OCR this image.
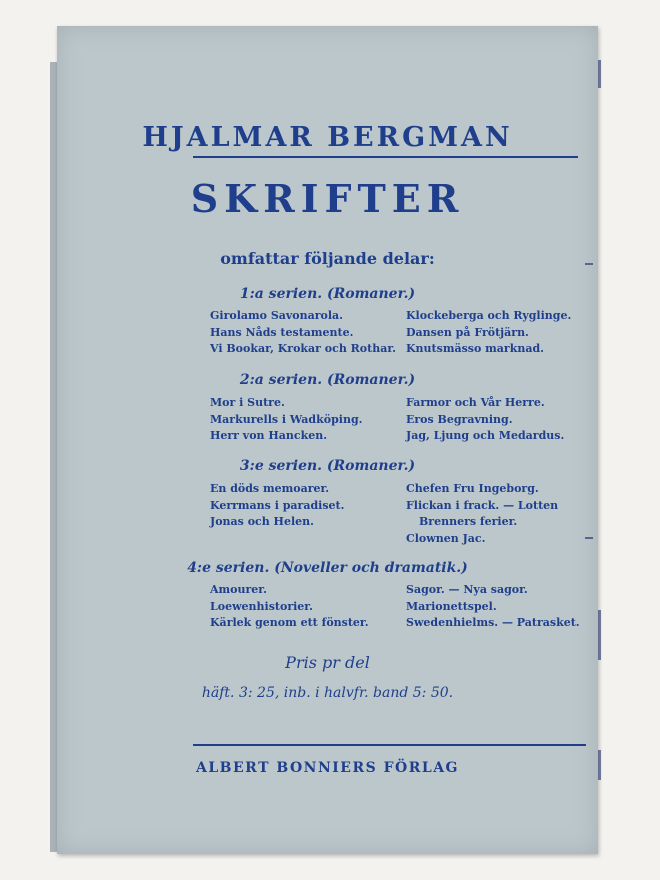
HJALMAR BERGMAN
SKRIFTER
omfattar följande delar:
1:a serien. (Romaner.)
Girolamo Savonarola.
Hans Nåds testamente.
Vi Bookar, Krokar och Rothar.
Klockeberga och Ryglinge.
Dansen på Frötjärn.
Knutsmässo marknad.
2:a serien. (Romaner.)
Mor i Sutre.
Markurells i Wadköping.
Herr von Hancken.
Farmor och Vår Herre.
Eros Begravning.
Jag, Ljung och Medardus.
3:e serien. (Romaner.)
En döds memoarer.
Kerrmans i paradiset.
Jonas och Helen.
Chefen Fru Ingeborg.
Flickan i frack. — Lotten
Brenners ferier.
Clownen Jac.
4:e serien. (Noveller och dramatik.)
Amourer.
Loewenhistorier.
Kärlek genom ett fönster.
Sagor. — Nya sagor.
Marionettspel.
Swedenhielms. — Patrasket.
Pris pr del
häft. 3: 25, inb. i halvfr. band 5: 50.
ALBERT BONNIERS FÖRLAG
